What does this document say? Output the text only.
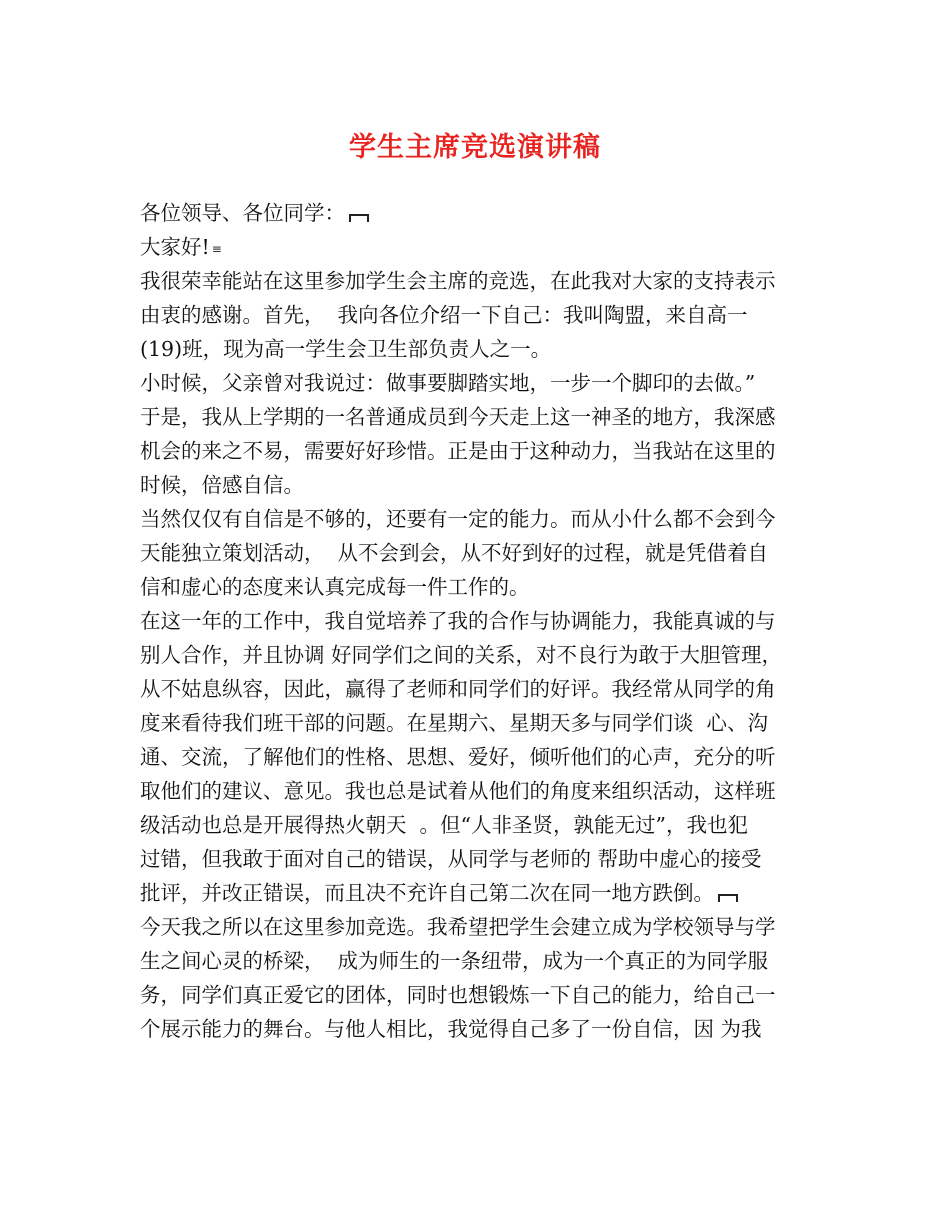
学生主席竞选演讲稿
各位领导、各位同学：
大家好! ≡
我很荣幸能站在这里参加学生会主席的竞选，在此我对大家的支持表示
由衷的感谢。首先，  我向各位介绍一下自己：我叫陶盟，来自高一
(19)班，现为高一学生会卫生部负责人之一。
小时候，父亲曾对我说过：做事要脚踏实地，一步一个脚印的去做。”
于是，我从上学期的一名普通成员到今天走上这一神圣的地方，我深感
机会的来之不易，需要好好珍惜。正是由于这种动力，当我站在这里的
时候，倍感自信。
当然仅仅有自信是不够的，还要有一定的能力。而从小什么都不会到今
天能独立策划活动，  从不会到会，从不好到好的过程，就是凭借着自
信和虚心的态度来认真完成每一件工作的。
在这一年的工作中，我自觉培养了我的合作与协调能力，我能真诚的与
别人合作，并且协调 好同学们之间的关系，对不良行为敢于大胆管理，
从不姑息纵容，因此，赢得了老师和同学们的好评。我经常从同学的角
度来看待我们班干部的问题。在星期六、星期天多与同学们谈  心、沟
通、交流，了解他们的性格、思想、爱好，倾听他们的心声，充分的听
取他们的建议、意见。我也总是试着从他们的角度来组织活动，这样班
级活动也总是开展得热火朝天  。但“人非圣贤，孰能无过”，我也犯
过错，但我敢于面对自己的错误，从同学与老师的 帮助中虚心的接受
批评，并改正错误，而且决不充许自己第二次在同一地方跌倒。
今天我之所以在这里参加竞选。我希望把学生会建立成为学校领导与学
生之间心灵的桥梁，  成为师生的一条纽带，成为一个真正的为同学服
务，同学们真正爱它的团体，同时也想锻炼一下自己的能力，给自己一
个展示能力的舞台。与他人相比，我觉得自己多了一份自信，因 为我
